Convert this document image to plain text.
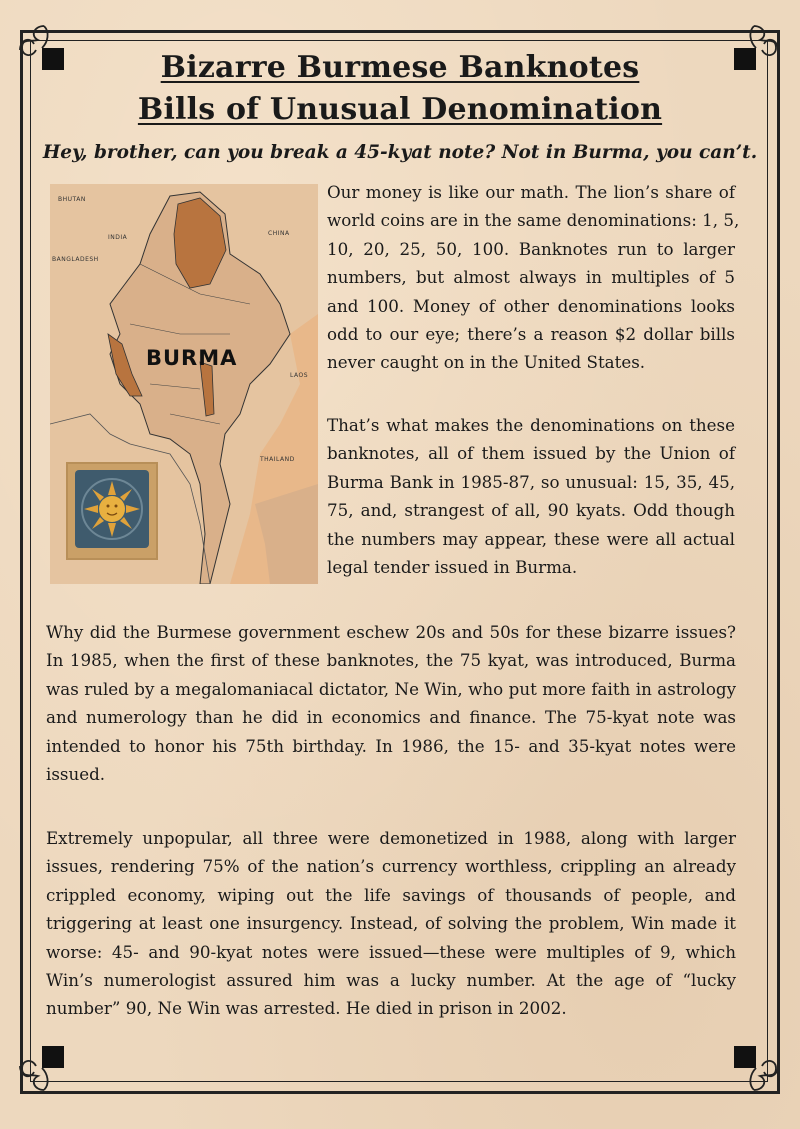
Bizarre Burmese Banknotes
Bills of Unusual Denomination
Hey, brother, can you break a 45-kyat note? Not in Burma, you can’t.
BHUTAN
INDIA
CHINA
BANGLADESH
LAOS
THAILAND
BURMA
Our money is like our math. The lion’s share of
world coins are in the same denominations: 1, 5,
10, 20, 25, 50, 100. Banknotes run to larger
numbers, but almost always in multiples of 5
and 100. Money of other denominations looks
odd to our eye; there’s a reason $2 dollar bills
never caught on in the United States.
That’s what makes the denominations on these
banknotes, all of them issued by the Union of
Burma Bank in 1985-87, so unusual: 15, 35, 45,
75, and, strangest of all, 90 kyats. Odd though
the numbers may appear, these were all actual
legal tender issued in Burma.
Why did the Burmese government eschew 20s and 50s for these bizarre issues?
In 1985, when the first of these banknotes, the 75 kyat, was introduced, Burma
was ruled by a megalomaniacal dictator, Ne Win, who put more faith in astrology
and numerology than he did in economics and finance. The 75-kyat note was
intended to honor his 75th birthday. In 1986, the 15- and 35-kyat notes were
issued.
Extremely unpopular, all three were demonetized in 1988, along with larger
issues, rendering 75% of the nation’s currency worthless, crippling an already
crippled economy, wiping out the life savings of thousands of people, and
triggering at least one insurgency. Instead, of solving the problem, Win made it
worse: 45- and 90-kyat notes were issued—these were multiples of 9, which
Win’s numerologist assured him was a lucky number. At the age of “lucky
number” 90, Ne Win was arrested. He died in prison in 2002.
